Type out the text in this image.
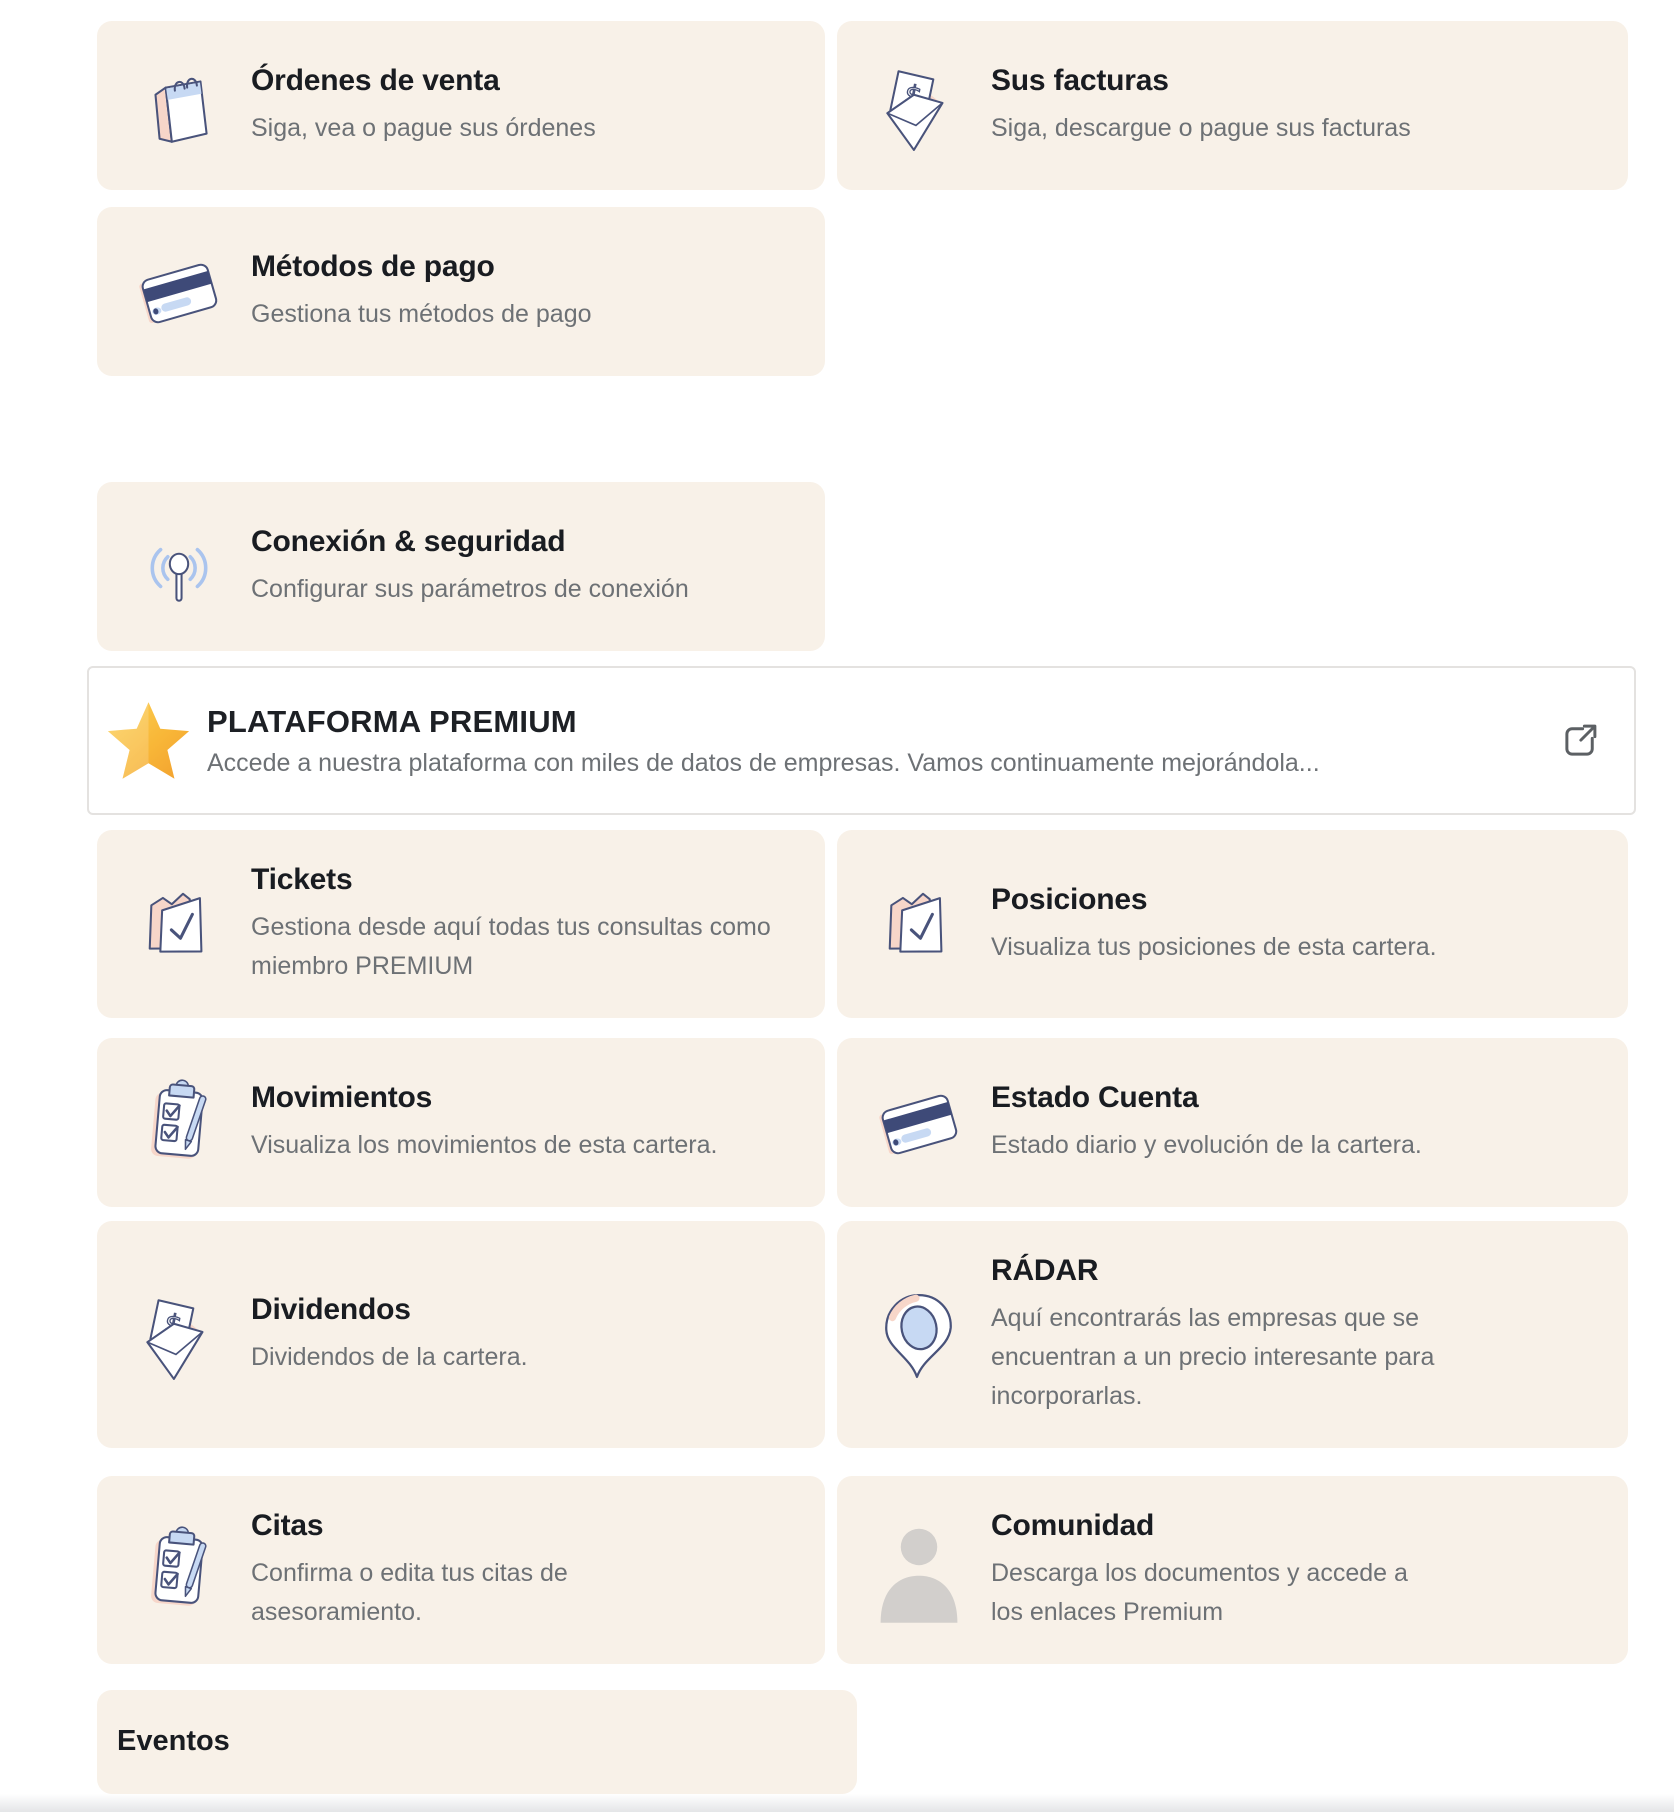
Órdenes de venta
Siga, vea o pague sus órdenes
Sus facturas
Siga, descargue o pague sus facturas
Métodos de pago
Gestiona tus métodos de pago
Conexión & seguridad
Configurar sus parámetros de conexión
PLATAFORMA PREMIUM
Accede a nuestra plataforma con miles de datos de empresas. Vamos continuamente mejorándola...
Tickets
Gestiona desde aquí todas tus consultas como miembro PREMIUM
Posiciones
Visualiza tus posiciones de esta cartera.
Movimientos
Visualiza los movimientos de esta cartera.
Estado Cuenta
Estado diario y evolución de la cartera.
Dividendos
Dividendos de la cartera.
RÁDAR
Aquí encontrarás las empresas que se encuentran a un precio interesante para incorporarlas.
Citas
Confirma o edita tus citas de asesoramiento.
Comunidad
Descarga los documentos y accede a los enlaces Premium
Eventos
